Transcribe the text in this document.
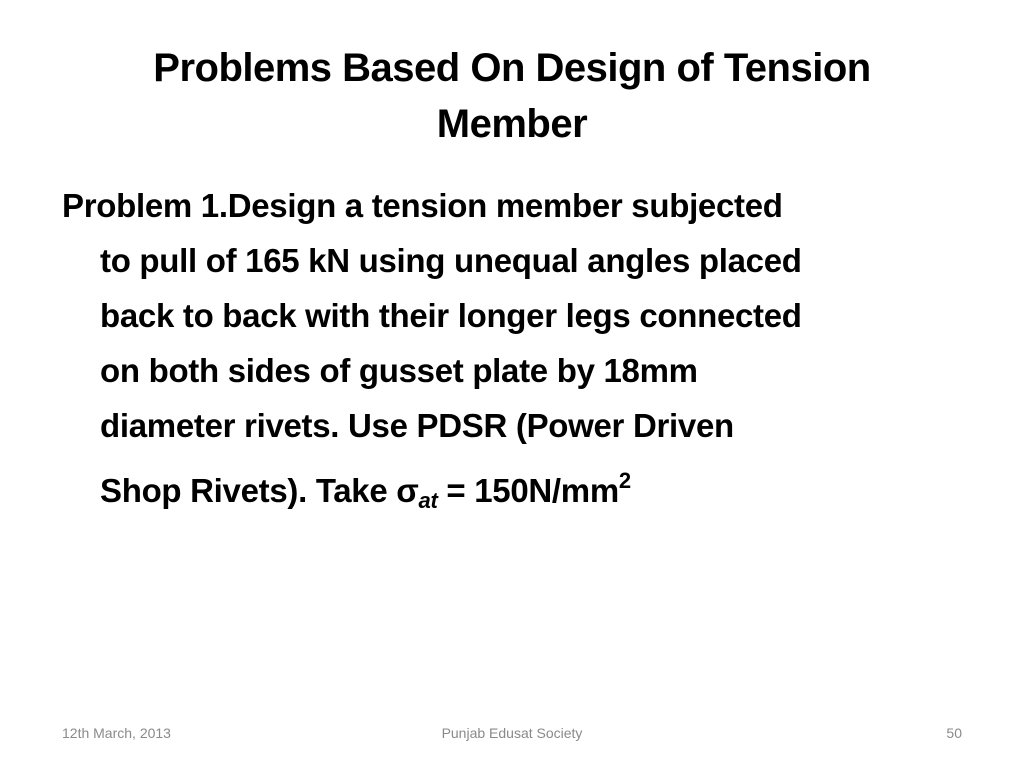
Problems Based On Design of Tension
Member
Problem 1.Design a tension member subjected
to pull of 165 kN using unequal angles placed
back to back with their longer legs connected
on both sides of gusset plate by 18mm
diameter rivets. Use PDSR (Power Driven
Shop Rivets). Take $\sigma at = 150N/mm^2$
12th March, 2013	Punjab Edusat Society	50
